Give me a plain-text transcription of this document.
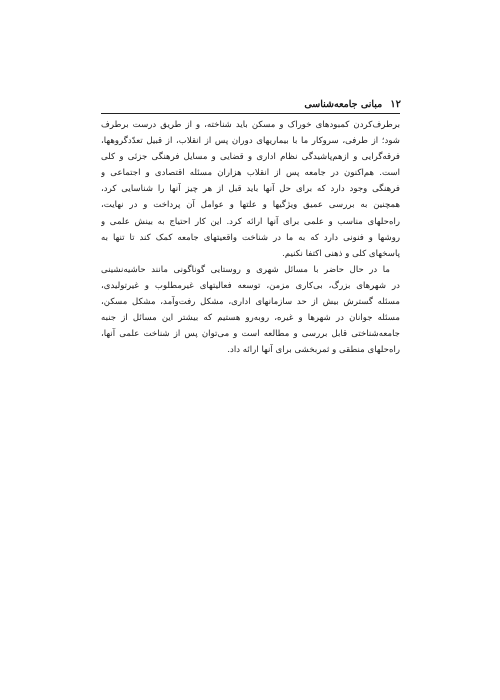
۱۲
مبانی جامعه‌شناسی
برطرف‌کردن کمبودهای خوراک و مسکن باید شناخته، و از طریق درست برطرف
شود؛ از طرفی، سروکار ما با بیماریهای دوران پس از انقلاب، از قبیل تعدّدگروهها،
فرقه‌گرایی و ازهم‌پاشیدگی نظام اداری و قضایی و مسایل فرهنگی جزئی و کلی
است. هم‌اکنون در جامعه پس از انقلاب هزاران مسئله اقتصادی و اجتماعی و
فرهنگی وجود دارد که برای حل آنها باید قبل از هر چیز آنها را شناسایی کرد،
همچنین به بررسی عمیق ویژگیها و علتها و عوامل آن پرداخت و در نهایت،
راه‌حلهای مناسب و علمی برای آنها ارائه کرد. این کار احتیاج به بینش علمی و
روشها و فنونی دارد که به ما در شناخت واقعیتهای جامعه کمک کند تا تنها به
پاسخهای کلی و ذهنی اکتفا نکنیم.
ما در حال حاضر با مسائل شهری و روستایی گوناگونی مانند حاشیه‌نشینی
در شهرهای بزرگ، بی‌کاری مزمن، توسعه فعالیتهای غیرمطلوب و غیرتولیدی،
مسئله گسترش بیش از حد سازمانهای اداری، مشکل رفت‌وآمد، مشکل مسکن،
مسئله جوانان در شهرها و غیره، روبه‌رو هستیم که بیشتر این مسائل از جنبه
جامعه‌شناختی قابل بررسی و مطالعه است و می‌توان پس از شناخت علمی آنها،
راه‌حلهای منطقی و ثمربخشی برای آنها ارائه داد.
